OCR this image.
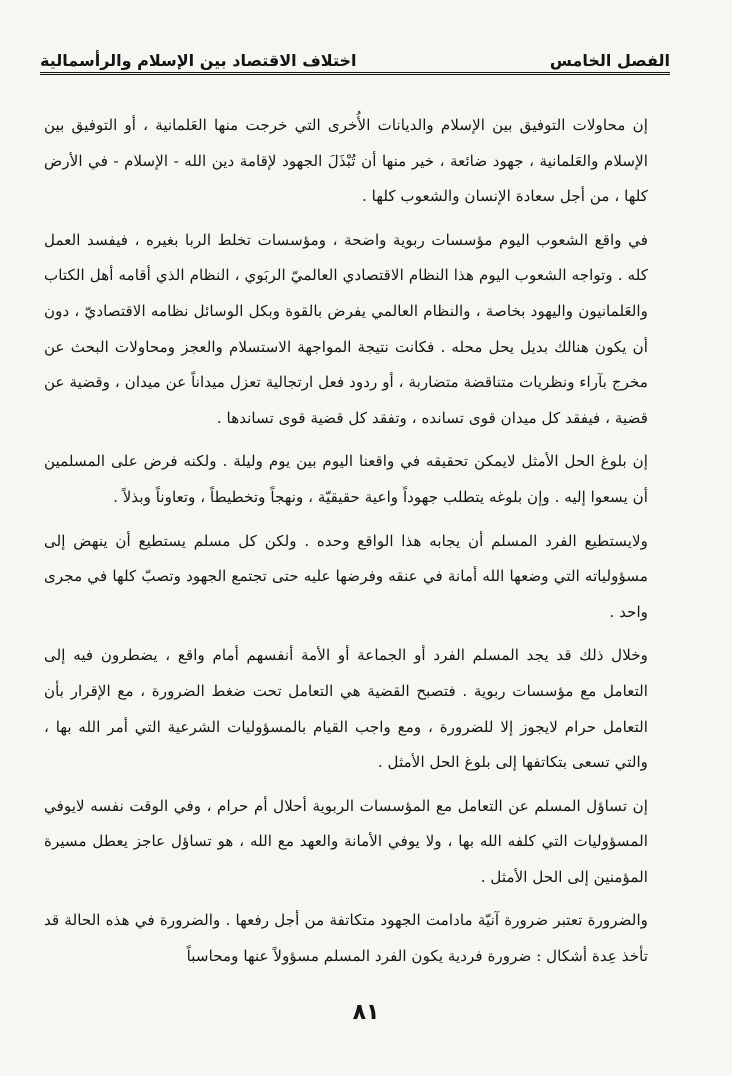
الفصل الخامس
اختلاف الاقتصاد بين الإسلام والرأسمالية

إن محاولات التوفيق بين الإسلام والديانات الأُخرى التي خرجت منها العَلمانية ، أو التوفيق بين الإسلام والعَلمانية ، جهود ضائعة ، خير منها أن تُبْذَلَ الجهود لإقامة دين الله - الإسلام - في الأرض كلها ، من أجل سعادة الإنسان والشعوب كلها .

في واقع الشعوب اليوم مؤسسات ربوية واضحة ، ومؤسسات تخلط الربا بغيره ، فيفسد العمل كله . وتواجه الشعوب اليوم هذا النظام الاقتصادي العالميّ الربَوي ، النظام الذي أقامه أهل الكتاب والعَلمانيون واليهود بخاصة ، والنظام العالمي يفرض بالقوة وبكل الوسائل نظامه الاقتصاديّ ، دون أن يكون هنالك بديل يحل محله . فكانت نتيجة المواجهة الاستسلام والعجز ومحاولات البحث عن مخرج بآراء ونظريات متناقضة متضاربة ، أو ردود فعل ارتجالية تعزل ميداناً عن ميدان ، وقضية عن قضية ، فيفقد كل ميدان قوى تسانده ، وتفقد كل قضية قوى تساندها .

إن بلوغ الحل الأمثل لايمكن تحقيقه في واقعنا اليوم بين يوم وليلة . ولكنه فرض على المسلمين أن يسعوا إليه . وإن بلوغه يتطلب جهوداً واعية حقيقيّة ، ونهجاً وتخطيطاً ، وتعاوناً وبذلاً .

ولايستطيع الفرد المسلم أن يجابه هذا الواقع وحده . ولكن كل مسلم يستطيع أن ينهض إلى مسؤولياته التي وضعها الله أمانة في عنقه وفرضها عليه حتى تجتمع الجهود وتصبّ كلها في مجرى واحد .

وخلال ذلك قد يجد المسلم الفرد أو الجماعة أو الأمة أنفسهم أمام واقع ، يضطرون فيه إلى التعامل مع مؤسسات ربوية . فتصبح القضية هي التعامل تحت ضغط الضرورة ، مع الإقرار بأن التعامل حرام لايجوز إلا للضرورة ، ومع واجب القيام بالمسؤوليات الشرعية التي أمر الله بها ، والتي تسعى بتكاتفها إلى بلوغ الحل الأمثل .

إن تساؤل المسلم عن التعامل مع المؤسسات الربوية أحلال أم حرام ، وفي الوقت نفسه لايوفي المسؤوليات التي كلفه الله بها ، ولا يوفي الأمانة والعهد مع الله ، هو تساؤل عاجز يعطل مسيرة المؤمنين إلى الحل الأمثل .

والضرورة تعتبر ضرورة آنيّة مادامت الجهود متكاتفة من أجل رفعها . والضرورة في هذه الحالة قد تأخذ عِدة أشكال : ضرورة فردية يكون الفرد المسلم مسؤولاً عنها ومحاسباً

٨١
